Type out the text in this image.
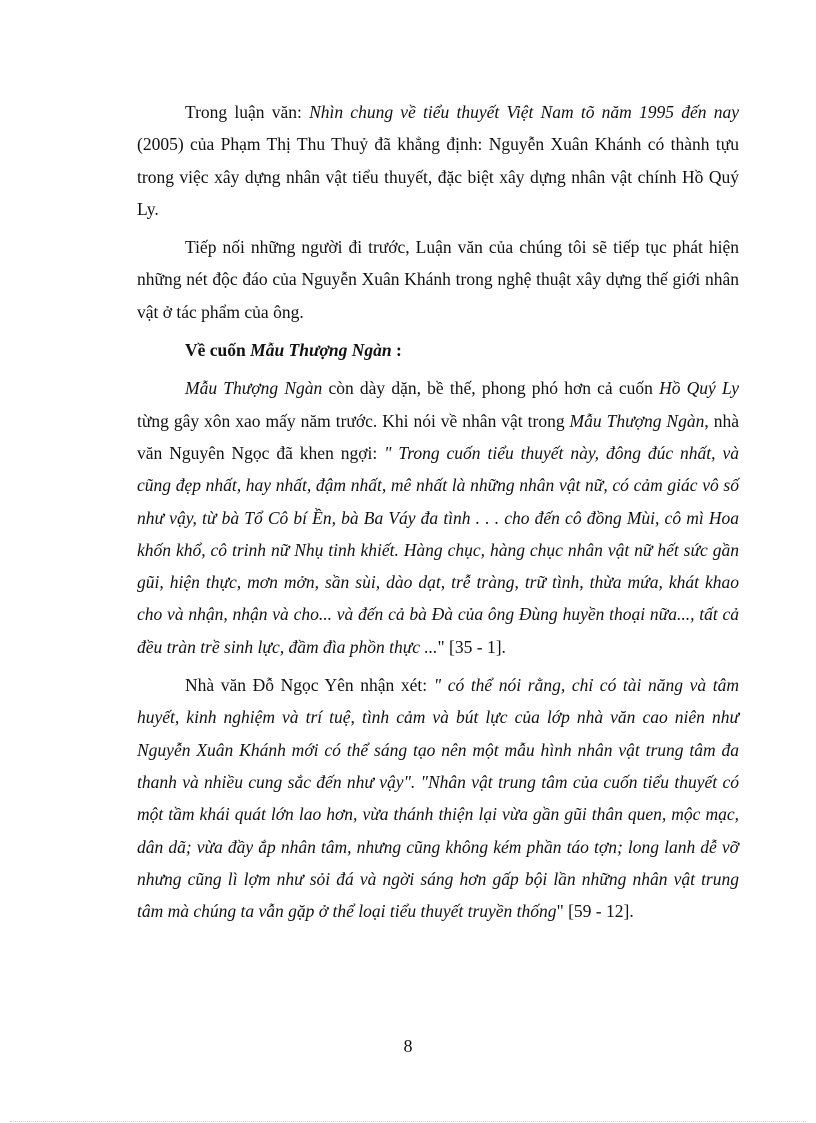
Trong luận văn: Nhìn chung về tiểu thuyết Việt Nam tõ năm 1995 đến nay (2005) của Phạm Thị Thu Thuỷ đã khẳng định: Nguyễn Xuân Khánh có thành tựu trong việc xây dựng nhân vật tiểu thuyết, đặc biệt xây dựng nhân vật chính Hồ Quý Ly.

Tiếp nối những người đi trước, Luận văn của chúng tôi sẽ tiếp tục phát hiện những nét độc đáo của Nguyễn Xuân Khánh trong nghệ thuật xây dựng thế giới nhân vật ở tác phẩm của ông.

Về cuốn Mẫu Thượng Ngàn :

Mẫu Thượng Ngàn còn dày dặn, bề thế, phong phó hơn cả cuốn Hồ Quý Ly từng gây xôn xao mấy năm trước. Khi nói về nhân vật trong Mẫu Thượng Ngàn, nhà văn Nguyên Ngọc đã khen ngợi: " Trong cuốn tiểu thuyết này, đông đúc nhất, và cũng đẹp nhất, hay nhất, đậm nhất, mê nhất là những nhân vật nữ, có cảm giác vô số như vậy, từ bà Tổ Cô bí Ền, bà Ba Váy đa tình . . . cho đến cô đồng Mùi, cô mì Hoa khốn khổ, cô trinh nữ Nhụ tinh khiết. Hàng chục, hàng chục nhân vật nữ hết sức gần gũi, hiện thực, mơn mởn, sần sùi, dào dạt, trễ tràng, trữ tình, thừa mứa, khát khao cho và nhận, nhận và cho... và đến cả bà Đà của ông Đùng huyền thoại nữa..., tất cả đều tràn trề sinh lực, đầm đìa phồn thực ..." [35 - 1].

Nhà văn Đỗ Ngọc Yên nhận xét: " có thể nói rằng, chỉ có tài năng và tâm huyết, kinh nghiệm và trí tuệ, tình cảm và bút lực của lớp nhà văn cao niên như Nguyễn Xuân Khánh mới có thể sáng tạo nên một mẫu hình nhân vật trung tâm đa thanh và nhiều cung sắc đến như vậy". "Nhân vật trung tâm của cuốn tiểu thuyết có một tầm khái quát lớn lao hơn, vừa thánh thiện lại vừa gần gũi thân quen, mộc mạc, dân dã; vừa đầy ắp nhân tâm, nhưng cũng không kém phần táo tợn; long lanh dễ vỡ nhưng cũng lì lợm như sỏi đá và ngời sáng hơn gấp bội lần những nhân vật trung tâm mà chúng ta vẫn gặp ở thể loại tiểu thuyết truyền thống" [59 - 12].

8
